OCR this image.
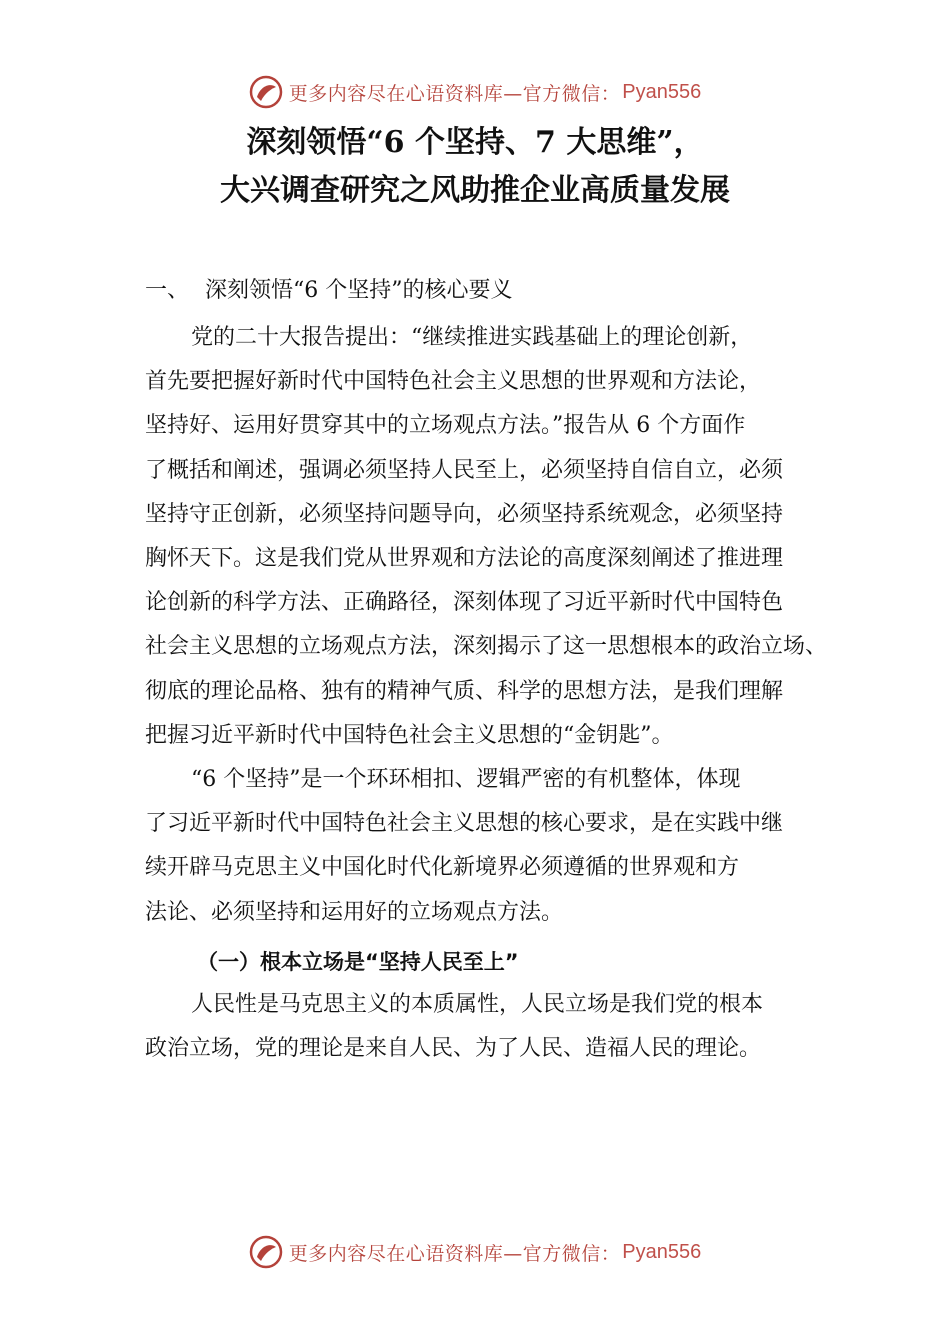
更多内容尽在心语资料库—官方微信： Pyan556
深刻领悟“6 个坚持、7 大思维”，
大兴调查研究之风助推企业高质量发展
一、 深刻领悟“6 个坚持”的核心要义
党的二十大报告提出：“继续推进实践基础上的理论创新，
首先要把握好新时代中国特色社会主义思想的世界观和方法论，
坚持好、运用好贯穿其中的立场观点方法。”报告从 6 个方面作
了概括和阐述，强调必须坚持人民至上，必须坚持自信自立，必须
坚持守正创新，必须坚持问题导向，必须坚持系统观念，必须坚持
胸怀天下。这是我们党从世界观和方法论的高度深刻阐述了推进理
论创新的科学方法、正确路径，深刻体现了习近平新时代中国特色
社会主义思想的立场观点方法，深刻揭示了这一思想根本的政治立场、
彻底的理论品格、独有的精神气质、科学的思想方法，是我们理解
把握习近平新时代中国特色社会主义思想的“金钥匙”。
“6 个坚持”是一个环环相扣、逻辑严密的有机整体，体现
了习近平新时代中国特色社会主义思想的核心要求，是在实践中继
续开辟马克思主义中国化时代化新境界必须遵循的世界观和方
法论、必须坚持和运用好的立场观点方法。
（一）根本立场是“坚持人民至上”
人民性是马克思主义的本质属性，人民立场是我们党的根本
政治立场，党的理论是来自人民、为了人民、造福人民的理论。
更多内容尽在心语资料库—官方微信： Pyan556
